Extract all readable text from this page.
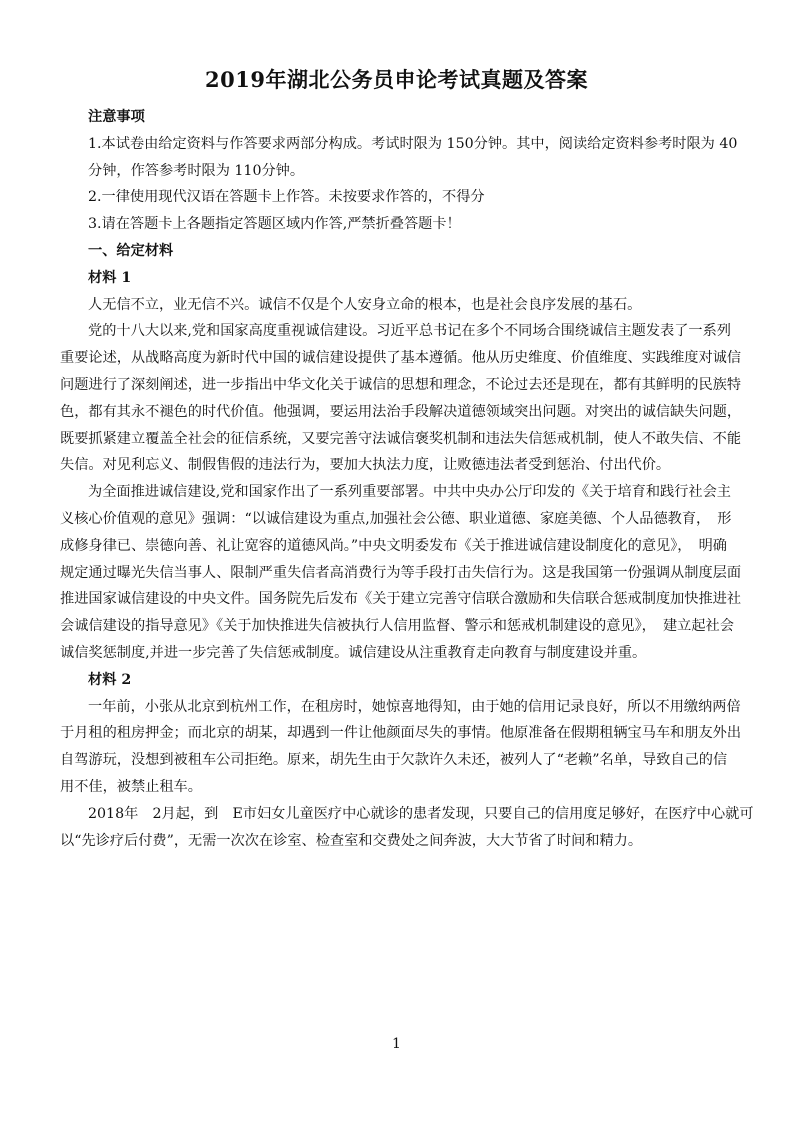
2019年湖北公务员申论考试真题及答案
注意事项
1.本试卷由给定资料与作答要求两部分构成。考试时限为 150分钟。其中，阅读给定资料参考时限为 40
分钟，作答参考时限为 110分钟。
2.一律使用现代汉语在答题卡上作答。未按要求作答的，不得分
3.请在答题卡上各题指定答题区域内作答,严禁折叠答题卡！
一、给定材料
材料 1
人无信不立，业无信不兴。诚信不仅是个人安身立命的根本，也是社会良序发展的基石。
党的十八大以来,党和国家高度重视诚信建设。习近平总书记在多个不同场合围绕诚信主题发表了一系列
重要论述，从战略高度为新时代中国的诚信建设提供了基本遵循。他从历史维度、价值维度、实践维度对诚信
问题进行了深刻阐述，进一步指出中华文化关于诚信的思想和理念，不论过去还是现在，都有其鲜明的民族特
色，都有其永不褪色的时代价值。他强调，要运用法治手段解决道德领域突出问题。对突出的诚信缺失问题，
既要抓紧建立覆盖全社会的征信系统，又要完善守法诚信褒奖机制和违法失信惩戒机制，使人不敢失信、不能
失信。对见利忘义、制假售假的违法行为，要加大执法力度，让败德违法者受到惩治、付出代价。
为全面推进诚信建设,党和国家作出了一系列重要部署。中共中央办公厅印发的《关于培育和践行社会主
义核心价值观的意见》强调：“以诚信建设为重点,加强社会公德、职业道德、家庭美德、个人品德教育，　形
成修身律已、崇德向善、礼让宽容的道德风尚。”中央文明委发布《关于推进诚信建设制度化的意见》，　明确
规定通过曝光失信当事人、限制严重失信者高消费行为等手段打击失信行为。这是我国第一份强调从制度层面
推进国家诚信建设的中央文件。国务院先后发布《关于建立完善守信联合激励和失信联合惩戒制度加快推进社
会诚信建设的指导意见》《关于加快推进失信被执行人信用监督、警示和惩戒机制建设的意见》，　建立起社会
诚信奖惩制度,并进一步完善了失信惩戒制度。诚信建设从注重教育走向教育与制度建设并重。
材料 2
一年前，小张从北京到杭州工作，在租房时，她惊喜地得知，由于她的信用记录良好，所以不用缴纳两倍
于月租的租房押金；而北京的胡某，却遇到一件让他颜面尽失的事情。他原准备在假期租辆宝马车和朋友外出
自驾游玩，没想到被租车公司拒绝。原来，胡先生由于欠款许久未还，被列人了“老赖”名单，导致自己的信
用不佳，被禁止租车。
2018年　2月起，到　E市妇女儿童医疗中心就诊的患者发现，只要自己的信用度足够好，在医疗中心就可
以“先诊疗后付费”，无需一次次在诊室、检查室和交费处之间奔波，大大节省了时间和精力。
1
